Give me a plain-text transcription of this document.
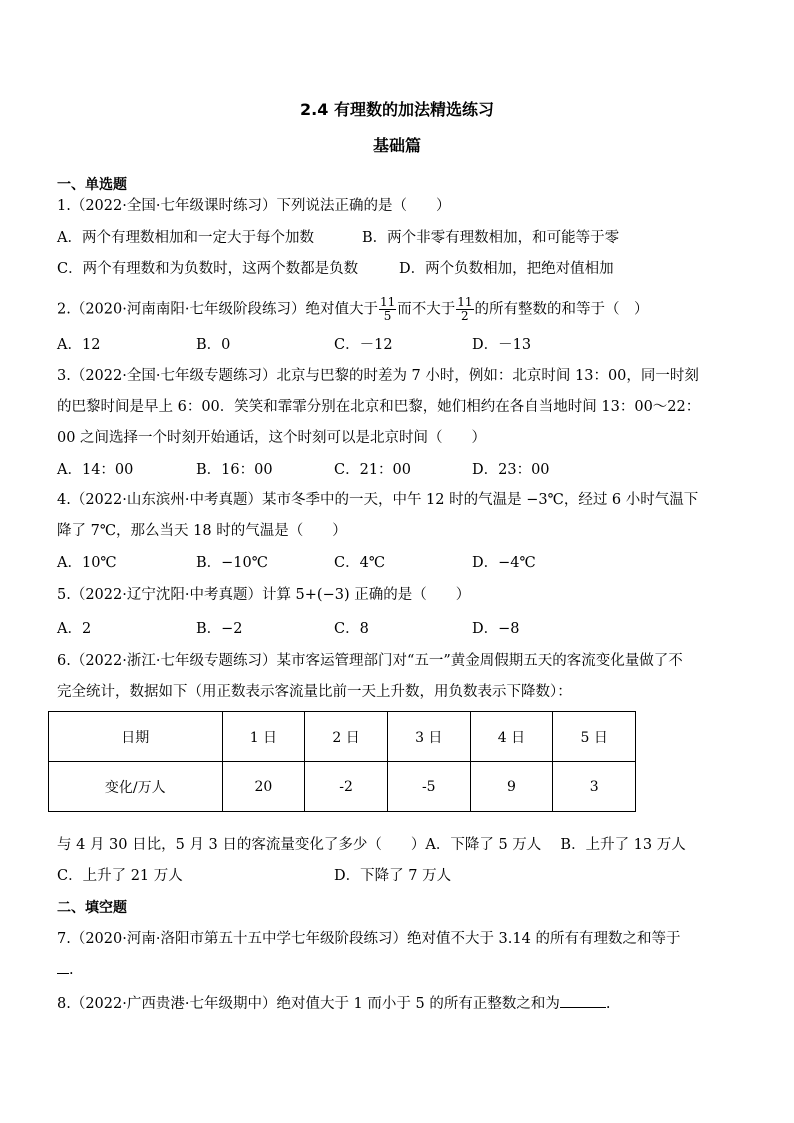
2.4 有理数的加法精选练习
基础篇
一、单选题
1.（2022·全国·七年级课时练习）下列说法正确的是（　　）
A．两个有理数相加和一定大于每个加数	B．两个非零有理数相加，和可能等于零
C．两个有理数和为负数时，这两个数都是负数	D．两个负数相加，把绝对值相加
2.（2020·河南南阳·七年级阶段练习）绝对值大于 $\frac{11}{5}$ 而不大于 $\frac{11}{2}$ 的所有整数的和等于（　）
A．12	B．0	C．－12	D．－13
3.（2022·全国·七年级专题练习）北京与巴黎的时差为 7 小时，例如：北京时间 13：00，同一时刻
的巴黎时间是早上 6：00．笑笑和霏霏分别在北京和巴黎，她们相约在各自当地时间 13：00～22：
00 之间选择一个时刻开始通话，这个时刻可以是北京时间（　　）
A．14：00	B．16：00	C．21：00	D．23：00
4.（2022·山东滨州·中考真题）某市冬季中的一天，中午 12 时的气温是 −3℃，经过 6 小时气温下
降了 7℃，那么当天 18 时的气温是（　　）
A．10℃	B．−10℃	C．4℃	D．−4℃
5.（2022·辽宁沈阳·中考真题）计算 5+(−3) 正确的是（　　）
A．2	B．−2	C．8	D．−8
6.（2022·浙江·七年级专题练习）某市客运管理部门对“五一”黄金周假期五天的客流变化量做了不
完全统计，数据如下（用正数表示客流量比前一天上升数，用负数表示下降数）：
日期	1 日	2 日	3 日	4 日	5 日
变化/万人	20	-2	-5	9	3
与 4 月 30 日比，5 月 3 日的客流量变化了多少（　　）A．下降了 5 万人　 B．上升了 13 万人
C．上升了 21 万人	D．下降了 7 万人
二、填空题
7.（2020·河南·洛阳市第五十五中学七年级阶段练习）绝对值不大于 3.14 的所有有理数之和等于
.
8.（2022·广西贵港·七年级期中）绝对值大于 1 而小于 5 的所有正整数之和为	.
